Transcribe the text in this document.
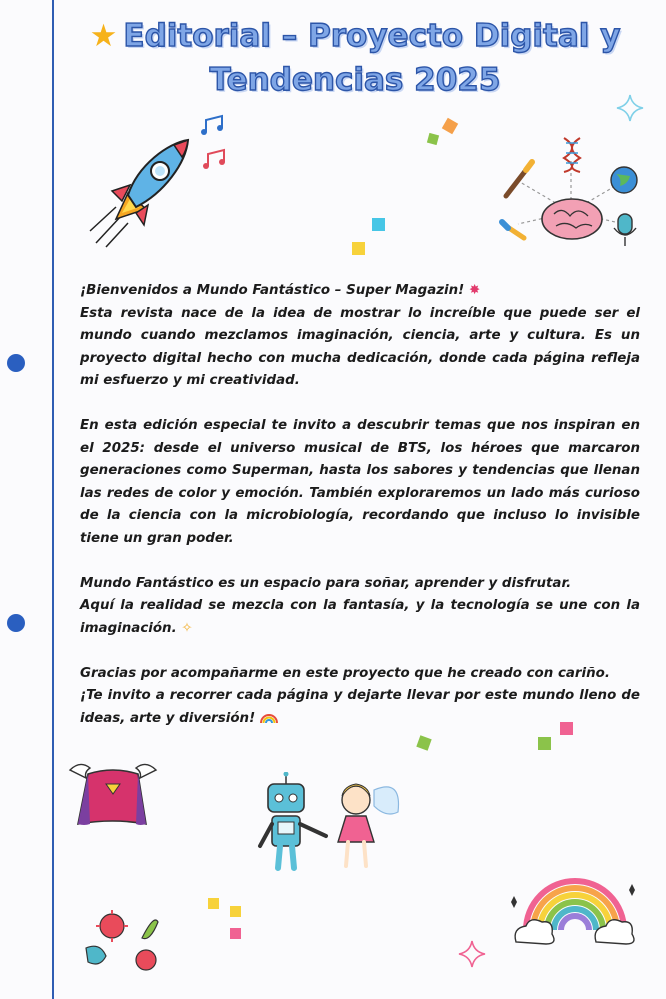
★ Editorial – Proyecto Digital y
Tendencias 2025

¡Bienvenidos a Mundo Fantástico – Super Magazin! ✸
Esta revista nace de la idea de mostrar lo increíble que puede ser el mundo cuando mezclamos imaginación, ciencia, arte y cultura. Es un proyecto digital hecho con mucha dedicación, donde cada página refleja mi esfuerzo y mi creatividad.

En esta edición especial te invito a descubrir temas que nos inspiran en el 2025: desde el universo musical de BTS, los héroes que marcaron generaciones como Superman, hasta los sabores y tendencias que llenan las redes de color y emoción. También exploraremos un lado más curioso de la ciencia con la microbiología, recordando que incluso lo invisible tiene un gran poder.

Mundo Fantástico es un espacio para soñar, aprender y disfrutar.
Aquí la realidad se mezcla con la fantasía, y la tecnología se une con la imaginación. ✧

Gracias por acompañarme en este proyecto que he creado con cariño.
¡Te invito a recorrer cada página y dejarte llevar por este mundo lleno de ideas, arte y diversión!
